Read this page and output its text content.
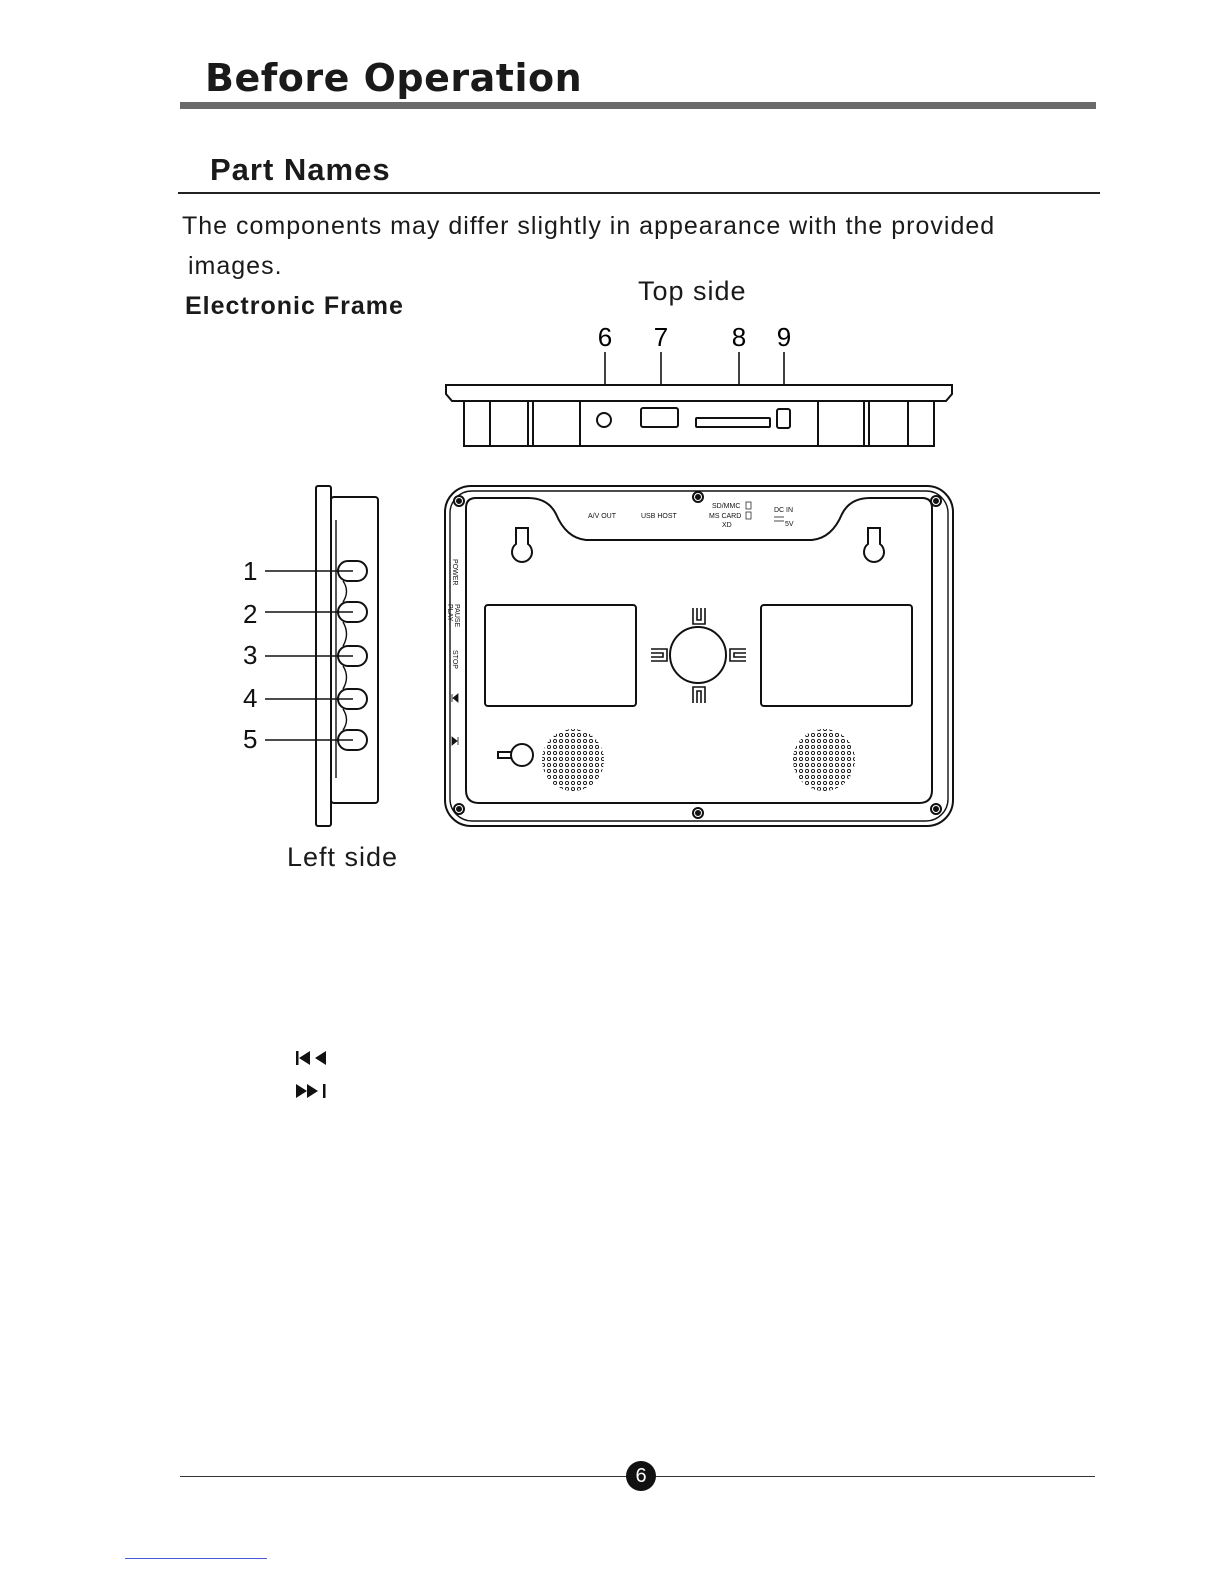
Before Operation
Part Names
The components may differ slightly in appearance with the provided
images.
Electronic Frame	Top side
6 7 8 9
A/V OUT	USB HOST
SD/MMC
MS CARD
XD
DC IN
5V
POWER
PLAY PAUSE
STOP
1
2
3
4
5
Left side
6
